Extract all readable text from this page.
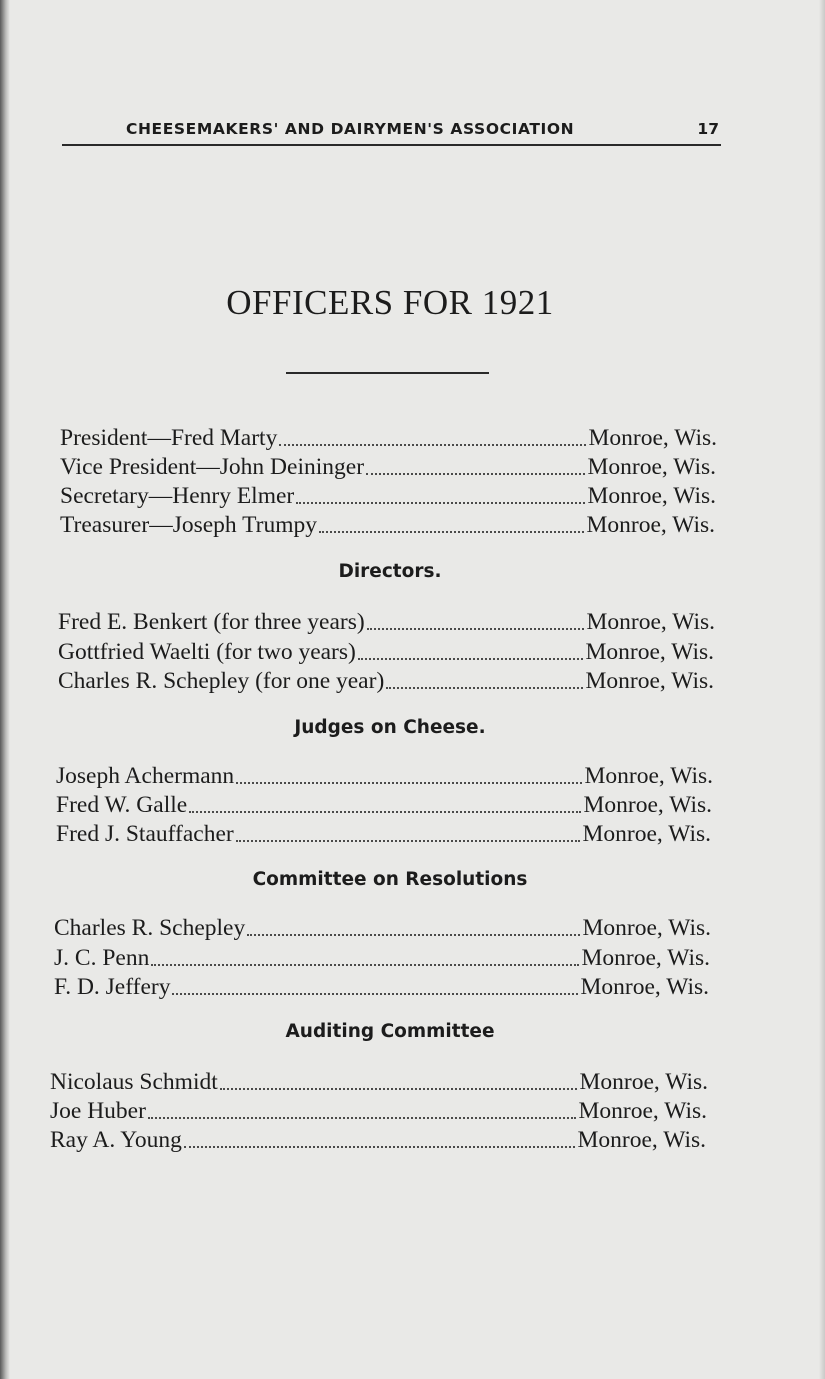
CHEESEMAKERS' AND DAIRYMEN'S ASSOCIATION	17
OFFICERS FOR 1921
President—Fred Marty	Monroe, Wis.
Vice President—John Deininger	Monroe, Wis.
Secretary—Henry Elmer	Monroe, Wis.
Treasurer—Joseph Trumpy	Monroe, Wis.
Directors.
Fred E. Benkert (for three years)	Monroe, Wis.
Gottfried Waelti (for two years)	Monroe, Wis.
Charles R. Schepley (for one year)	Monroe, Wis.
Judges on Cheese.
Joseph Achermann	Monroe, Wis.
Fred W. Galle	Monroe, Wis.
Fred J. Stauffacher	Monroe, Wis.
Committee on Resolutions
Charles R. Schepley	Monroe, Wis.
J. C. Penn	Monroe, Wis.
F. D. Jeffery	Monroe, Wis.
Auditing Committee
Nicolaus Schmidt	Monroe, Wis.
Joe Huber	Monroe, Wis.
Ray A. Young	Monroe, Wis.
